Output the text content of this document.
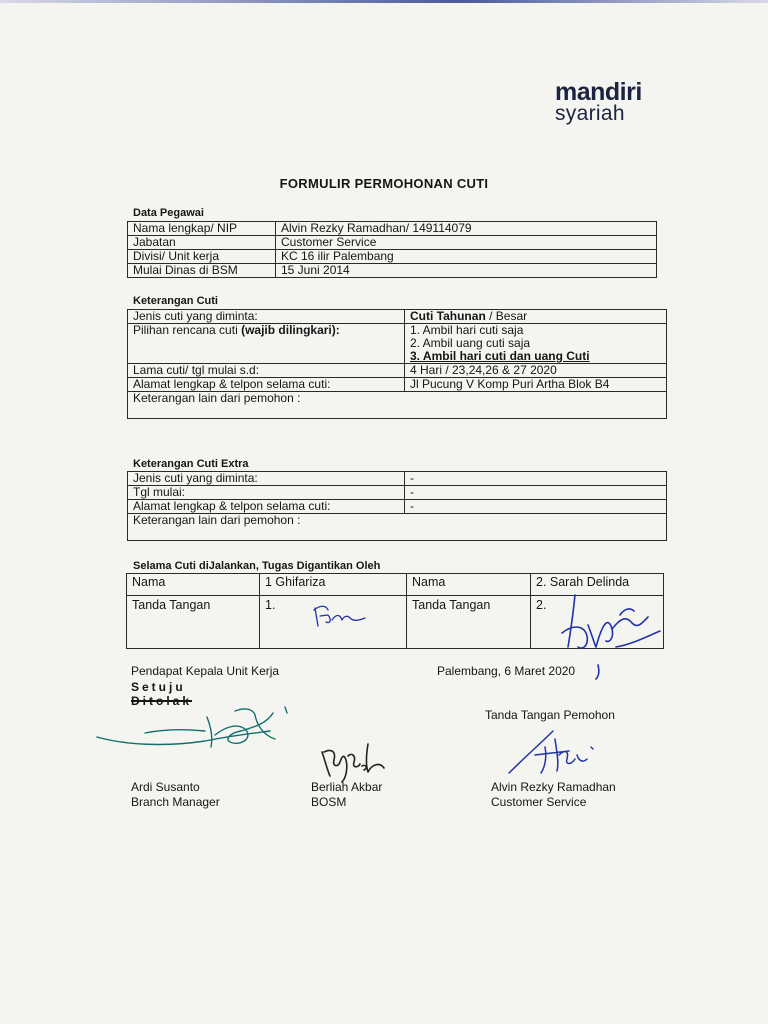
mandiri
syariah
FORMULIR PERMOHONAN CUTI
Data Pegawai
Nama lengkap/ NIP	Alvin Rezky Ramadhan/ 149114079
Jabatan	Customer Service
Divisi/ Unit kerja	KC 16 ilir Palembang
Mulai Dinas di BSM	15 Juni 2014
Keterangan Cuti
Jenis cuti yang diminta:	Cuti Tahunan / Besar
Pilihan rencana cuti (wajib dilingkari):	1. Ambil hari cuti saja
2. Ambil uang cuti saja
3. Ambil hari cuti dan uang Cuti

Lama cuti/ tgl mulai s.d:	4 Hari / 23,24,26 & 27 2020
Alamat lengkap & telpon selama cuti:	Jl Pucung V Komp Puri Artha Blok B4
Keterangan lain dari pemohon :	
Keterangan Cuti Extra
Jenis cuti yang diminta:	-
Tgl mulai:	-
Alamat lengkap & telpon selama cuti:	-
Keterangan lain dari pemohon :	
Selama Cuti diJalankan, Tugas Digantikan Oleh
Nama	1 Ghifariza	Nama	2. Sarah Delinda
Tanda Tangan	1.	Tanda Tangan	2.
Pendapat Kepala Unit Kerja
Setuju
Ditolak
Palembang, 6 Maret 2020
Tanda Tangan Pemohon
Ardi Susanto
Branch Manager
Berliah Akbar
BOSM
Alvin Rezky Ramadhan
Customer Service
